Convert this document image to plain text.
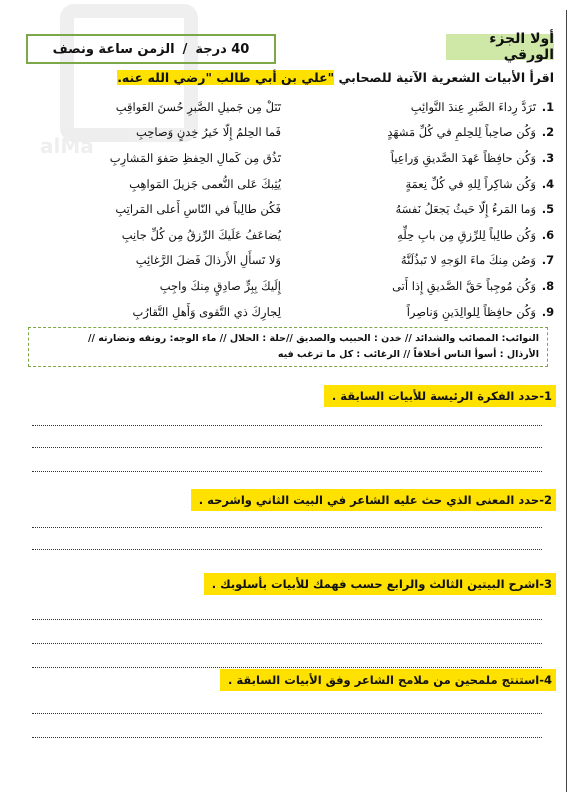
alMa
أولا الجزء الورقي
40 درجة
/
الزمن ساعة ونصف
اقرأ الأبيات الشعرية الآتية للصحابي "علي بن أبي طالب "رضي الله عنه.
1.
تَرَدَّ رِداءَ الصَّبرِ عِندَ النَّوائِبِ
تَنَلْ مِن جَميلِ الصَّبرِ حُسنَ العَواقِبِ
2.
وَكُن صاحِباً لِلحِلمِ في كُلِّ مَشهَدٍ
فَما الحِلمُ إِلّا خَيرُ خِدنٍ وَصاحِبِ
3.
وَكُن حافِظاً عَهدَ الصَّديقِ وَراعِياً
تَذُق مِن كَمالِ الحِفظِ صَفوَ المَشارِبِ
4.
وَكُن شاكِراً لِلهِ في كُلِّ نِعمَةٍ
يُثِبكَ عَلى النُّعمى جَزيلَ المَواهِبِ
5.
وَما المَرءُ إِلّا حَيثُ يَجعَلُ نَفسَهُ
فَكُن طالِباً في النّاسِ أَعلى المَراتِبِ
6.
وَكُن طالِباً لِلرِّزقِ مِن بابِ حِلِّهِ
يُضاعَفُ عَلَيكَ الرِّزقُ مِن كُلِّ جانِبِ
7.
وَصُن مِنكَ ماءَ الوَجهِ لا تَبذُلَنَّهُ
وَلا تَسأَلِ الأَرذالَ فَضلَ الرَّغائِبِ
8.
وَكُن مُوجِباً حَقَّ الصَّديقِ إِذا أَتى
إِلَيكَ بِبِرٍّ صادِقٍ مِنكَ واجِبِ
9.
وَكُن حافِظاً لِلوالِدَينِ وَناصِراً
لِجارِكَ ذي التَّقوى وَأَهلِ التَّقارُبِ
النوائب: المصائب والشدائد // خدن : الحبيب والصديق //حلة : الحلال // ماء الوجه: رونقه ونضارته //
الأرذال : أسوأ الناس أخلاقاً // الرغائب : كل ما ترغب فيه
1-حدد الفكرة الرئيسة للأبيات السابقة .
2-حدد المعنى الذي حث عليه الشاعر في البيت الثاني واشرحه .
3-اشرح البيتين الثالث والرابع حسب فهمك للأبيات بأسلوبك .
4-استنتج ملمحين من ملامح الشاعر وفق الأبيات السابقة .
